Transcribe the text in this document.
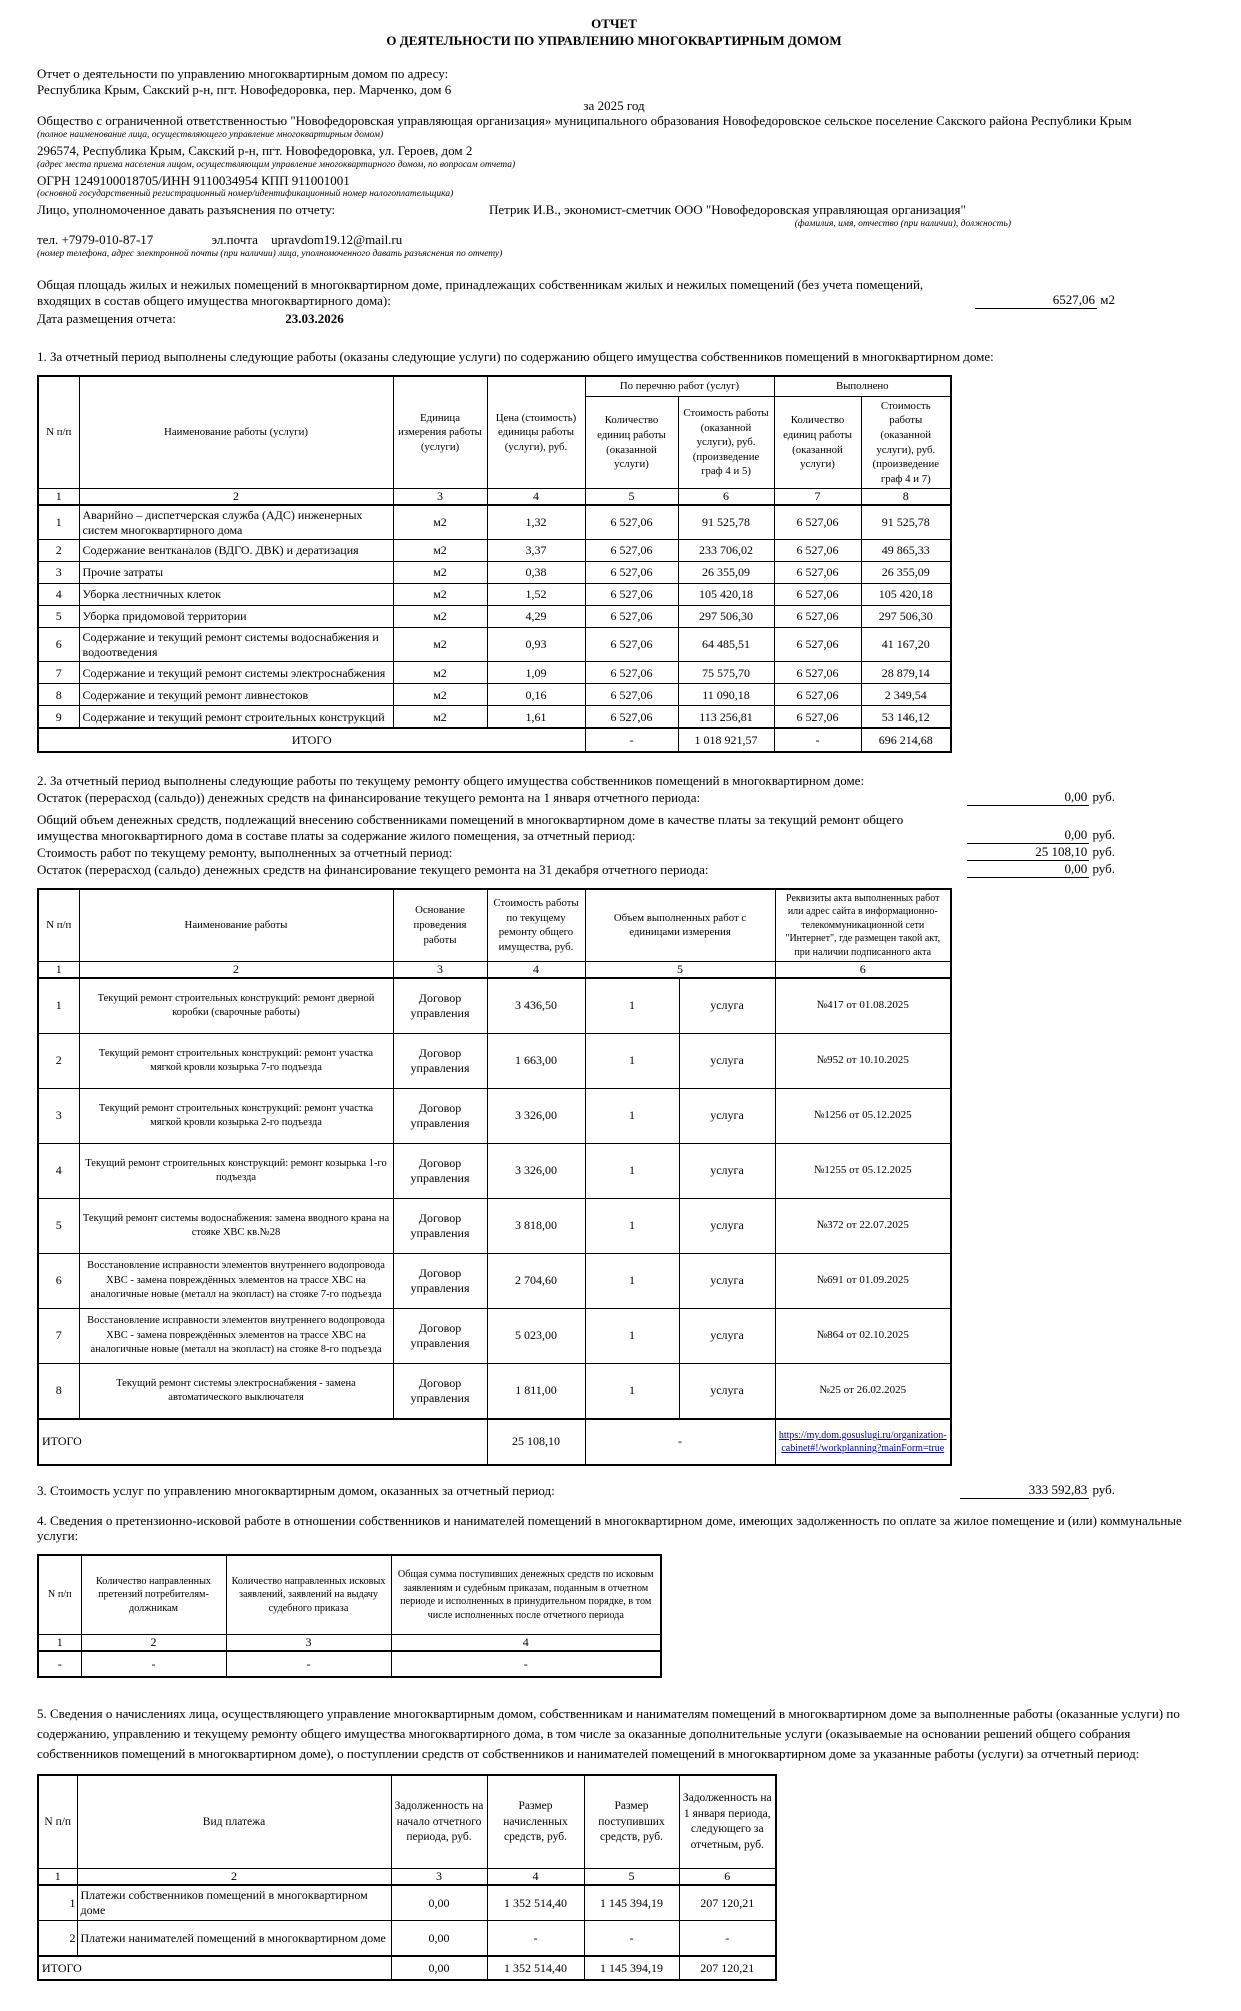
ОТЧЕТ
О ДЕЯТЕЛЬНОСТИ ПО УПРАВЛЕНИЮ МНОГОКВАРТИРНЫМ ДОМОМ

Отчет о деятельности по управлению многоквартирным домом по адресу:

Республика Крым, Сакский р-н, пгт. Новофедоровка, пер. Марченко, дом 6

за 2025 год

Общество с ограниченной ответственностью "Новофедоровская управляющая организация» муниципального образования Новофедоровское сельское поселение Сакского района Республики Крым

(полное наименование лица, осуществляющего управление многоквартирным домом)

296574, Республика Крым, Сакский р-н, пгт. Новофедоровка, ул. Героев, дом 2

(адрес места приема населения лицом, осуществляющим управление многоквартирного домом, по вопросам отчета)

ОГРН 1249100018705/ИНН 9110034954 КПП 911001001

(основной государственный регистрационный номер/идентификационный номер налогоплательщика)

Лицо, уполномоченное давать разъяснения по отчету:	Петрик И.В., экономист-сметчик ООО "Новофедоровская управляющая организация"

(фамилия, имя, отчество (при наличии), должность)

тел. +7979-010-87-17	эл.почта upravdom19.12@mail.ru

(номер телефона, адрес электронной почты (при наличии) лица, уполномоченного давать разъяснения по отчету)

Общая площадь жилых и нежилых помещений в многоквартирном доме, принадлежащих собственникам жилых и нежилых помещений (без учета помещений, входящих в состав общего имущества многоквартирного дома):	6527,06 м2
Дата размещения отчета:	23.03.2026

1. За отчетный период выполнены следующие работы (оказаны следующие услуги) по содержанию общего имущества собственников помещений в многоквартирном доме:

N п/п	Наименование работы (услуги)	Единица измерения работы (услуги)	Цена (стоимость) единицы работы (услуги), руб.	По перечню работ (услуг)		Выполнено	
				Количество единиц работы (оказанной услуги)	Стоимость работы (оказанной услуги), руб. (произведение граф 4 и 5)	Количество единиц работы (оказанной услуги)	Стоимость работы (оказанной услуги), руб. (произведение граф 4 и 7)
1	2	3	4	5	6	7	8
1	Аварийно – диспетчерская служба (АДС) инженерных систем многоквартирного дома	м2	1,32	6 527,06	91 525,78	6 527,06	91 525,78
2	Содержание вентканалов (ВДГО. ДВК) и дератизация	м2	3,37	6 527,06	233 706,02	6 527,06	49 865,33
3	Прочие затраты	м2	0,38	6 527,06	26 355,09	6 527,06	26 355,09
4	Уборка лестничных клеток	м2	1,52	6 527,06	105 420,18	6 527,06	105 420,18
5	Уборка придомовой территории	м2	4,29	6 527,06	297 506,30	6 527,06	297 506,30
6	Содержание и текущий ремонт системы водоснабжения и водоотведения	м2	0,93	6 527,06	64 485,51	6 527,06	41 167,20
7	Содержание и текущий ремонт системы электроснабжения	м2	1,09	6 527,06	75 575,70	6 527,06	28 879,14
8	Содержание и текущий ремонт ливнестоков	м2	0,16	6 527,06	11 090,18	6 527,06	2 349,54
9	Содержание и текущий ремонт строительных конструкций	м2	1,61	6 527,06	113 256,81	6 527,06	53 146,12
ИТОГО				-	1 018 921,57	-	696 214,68

2. За отчетный период выполнены следующие работы по текущему ремонту общего имущества собственников помещений в многоквартирном доме:

Остаток (перерасход (сальдо)) денежных средств на финансирование текущего ремонта на 1 января отчетного периода:	0,00 руб.
Общий объем денежных средств, подлежащий внесению собственниками помещений в многоквартирном доме в качестве платы за текущий ремонт общего имущества многоквартирного дома в составе платы за содержание жилого помещения, за отчетный период:	0,00 руб.
Стоимость работ по текущему ремонту, выполненных за отчетный период:	25 108,10 руб.
Остаток (перерасход (сальдо) денежных средств на финансирование текущего ремонта на 31 декабря отчетного периода:	0,00 руб.
N п/п	Наименование работы	Основание проведения работы	Стоимость работы по текущему ремонту общего имущества, руб.	Объем выполненных работ с единицами измерения		Реквизиты акта выполненных работ или адрес сайта в информационно-телекоммуникационной сети "Интернет", где размещен такой акт, при наличии подписанного акта
1	2	3	4	5		6
1	Текущий ремонт строительных конструкций: ремонт дверной коробки (сварочные работы)	Договор управления	3 436,50	1	услуга	№417 от 01.08.2025
2	Текущий ремонт строительных конструкций: ремонт участка мягкой кровли козырька 7-го подъезда	Договор управления	1 663,00	1	услуга	№952 от 10.10.2025
3	Текущий ремонт строительных конструкций: ремонт участка мягкой кровли козырька 2-го подъезда	Договор управления	3 326,00	1	услуга	№1256 от 05.12.2025
4	Текущий ремонт строительных конструкций: ремонт козырька 1-го подъезда	Договор управления	3 326,00	1	услуга	№1255 от 05.12.2025
5	Текущий ремонт системы водоснабжения: замена вводного крана на стояке ХВС кв.№28	Договор управления	3 818,00	1	услуга	№372 от 22.07.2025
6	Восстановление исправности элементов внутреннего водопровода ХВС - замена повреждённых элементов на трассе ХВС на аналогичные новые (металл на экопласт) на стояке 7-го подъезда	Договор управления	2 704,60	1	услуга	№691 от 01.09.2025
7	Восстановление исправности элементов внутреннего водопровода ХВС - замена повреждённых элементов на трассе ХВС на аналогичные новые (металл на экопласт) на стояке 8-го подъезда	Договор управления	5 023,00	1	услуга	№864 от 02.10.2025
8	Текущий ремонт системы электроснабжения - замена автоматического выключателя	Договор управления	1 811,00	1	услуга	№25 от 26.02.2025
ИТОГО			25 108,10	-		https://my.dom.gosuslugi.ru/organization-cabinet#!/workplanning?mainForm=true
3. Стоимость услуг по управлению многоквартирным домом, оказанных за отчетный период:	333 592,83 руб.

4. Сведения о претензионно-исковой работе в отношении собственников и нанимателей помещений в многоквартирном доме, имеющих задолженность по оплате за жилое помещение и (или) коммунальные услуги:

N п/п	Количество направленных претензий потребителям-должникам	Количество направленных исковых заявлений, заявлений на выдачу судебного приказа	Общая сумма поступивших денежных средств по исковым заявлениям и судебным приказам, поданным в отчетном периоде и исполненных в принудительном порядке, в том числе исполненных после отчетного периода
1	2	3	4
-	-	-	-

5. Сведения о начислениях лица, осуществляющего управление многоквартирным домом, собственникам и нанимателям помещений в многоквартирном доме за выполненные работы (оказанные услуги) по содержанию, управлению и текущему ремонту общего имущества многоквартирного дома, в том числе за оказанные дополнительные услуги (оказываемые на основании решений общего собрания собственников помещений в многоквартирном доме), о поступлении средств от собственников и нанимателей помещений в многоквартирном доме за указанные работы (услуги) за отчетный период:

N п/п	Вид платежа	Задолженность на начало отчетного периода, руб.	Размер начисленных средств, руб.	Размер поступивших средств, руб.	Задолженность на 1 января периода, следующего за отчетным, руб.
1	2	3	4	5	6
1	Платежи собственников помещений в многоквартирном доме	0,00	1 352 514,40	1 145 394,19	207 120,21
2	Платежи нанимателей помещений в многоквартирном доме	0,00	-	-	-
ИТОГО		0,00	1 352 514,40	1 145 394,19	207 120,21
